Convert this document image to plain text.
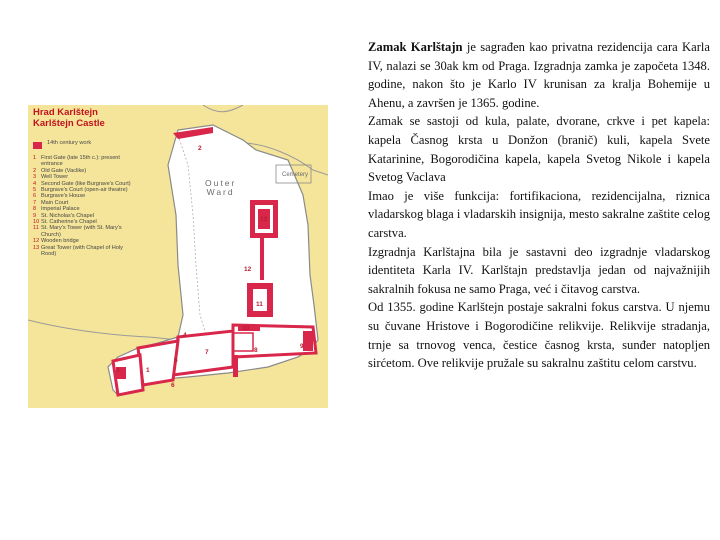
Hrad Karlštejn

Karlštejn Castle

14th century work
1 First Gate (late 15th c.): present entrance
2 Old Gate (Vaclike)
3 Well Tower
4 Second Gate (like Burgrave's Court)
5 Burgrave's Court (open-air theatre)
6 Burgrave's House
7 Main Court
8 Imperial Palace
9 St. Nicholas's Chapel
10 St. Catherine's Chapel
11 St. Mary's Tower (with St. Mary's Church)
12 Wooden bridge
13 Great Tower (with Chapel of Holy Rood)
Outer
Ward
Cemetery
1
2
3
4
5
6
7	8
9
10
11
12
13

Zamak Karlštajn je sagrađen kao privatna rezidencija cara Karla IV, nalazi se 30ak km od Praga. Izgradnja zamka je započeta 1348. godine, nakon što je Karlo IV krunisan za kralja Bohemije u Ahenu, a završen je 1365. godine.

Zamak se sastoji od kula, palate, dvorane, crkve i pet kapela: kapela Časnog krsta u Donžon (branič) kuli, kapela Svete Katarinine, Bogorodičina kapela, kapela Svetog Nikole i kapela Svetog Vaclava

Imao je više funkcija: fortifikaciona, rezidencijalna, riznica vladarskog blaga i vladarskih insignija, mesto sakralne zaštite celog carstva.

Izgradnja Karlštajna bila je sastavni deo izgradnje vladarskog identiteta Karla IV. Karlštajn predstavlja jedan od najvažnijih sakralnih fokusa ne samo Praga, već i čitavog carstva.

Od 1355. godine Karlštejn postaje sakralni fokus carstva. U njemu su čuvane Hristove i Bogorodičine relikvije. Relikvije stradanja, trnje sa trnovog venca, čestice časnog krsta, sunđer natopljen sirćetom. Ove relikvije pružale su sakralnu zaštitu celom carstvu.
